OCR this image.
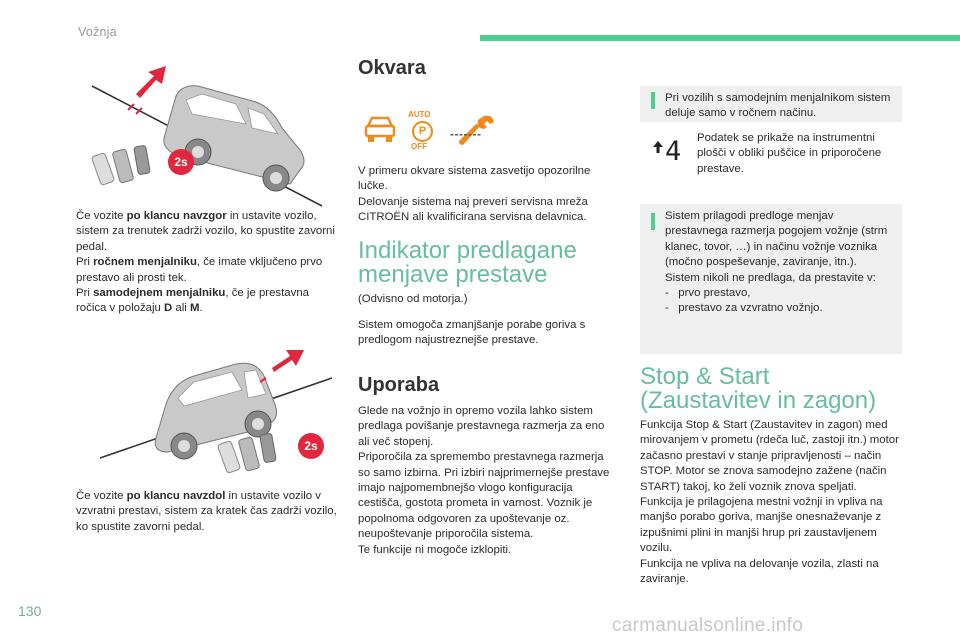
Vožnja
2s
Če vozite po klancu navzgor in ustavite vozilo, sistem za trenutek zadrži vozilo, ko spustite zavorni pedal.
Pri ročnem menjalniku, če imate vključeno prvo prestavo ali prosti tek.
Pri samodejnem menjalniku, če je prestavna ročica v položaju D ali M.
2s
Če vozite po klancu navzdol in ustavite vozilo v vzvratni prestavi, sistem za kratek čas zadrži vozilo, ko spustite zavorni pedal.
Okvara
AUTO
P
OFF
-------
V primeru okvare sistema zasvetijo opozorilne lučke.
Delovanje sistema naj preveri servisna mreža CITROËN ali kvalificirana servisna delavnica.
Indikator predlagane menjave prestave
(Odvisno od motorja.)
Sistem omogoča zmanjšanje porabe goriva s predlogom najustreznejše prestave.
Uporaba
Glede na vožnjo in opremo vozila lahko sistem predlaga povišanje prestavnega razmerja za eno ali več stopenj.
Priporočila za spremembo prestavnega razmerja so samo izbirna. Pri izbiri najprimernejše prestave imajo najpomembnejšo vlogo konfiguracija cestišča, gostota prometa in varnost. Voznik je popolnoma odgovoren za upoštevanje oz. neupoštevanje priporočila sistema.
Te funkcije ni mogoče izklopiti.
Pri vozilih s samodejnim menjalnikom sistem deluje samo v ročnem načinu.
4 Podatek se prikaže na instrumentni plošči v obliki puščice in priporočene prestave.
Sistem prilagodi predloge menjav prestavnega razmerja pogojem vožnje (strm klanec, tovor, …) in načinu vožnje voznika (močno pospeševanje, zaviranje, itn.).
Sistem nikoli ne predlaga, da prestavite v:
-   prvo prestavo,
-   prestavo za vzvratno vožnjo.
Stop & Start (Zaustavitev in zagon)
Funkcija Stop & Start (Zaustavitev in zagon) med mirovanjem v prometu (rdeča luč, zastoji itn.) motor začasno prestavi v stanje pripravljenosti – način STOP. Motor se znova samodejno zažene (način START) takoj, ko želi voznik znova speljati.
Funkcija je prilagojena mestni vožnji in vpliva na manjšo porabo goriva, manjše onesnaževanje z izpušnimi plini in manjši hrup pri zaustavljenem vozilu.
Funkcija ne vpliva na delovanje vozila, zlasti na zaviranje.
130
carmanualsonline.info
